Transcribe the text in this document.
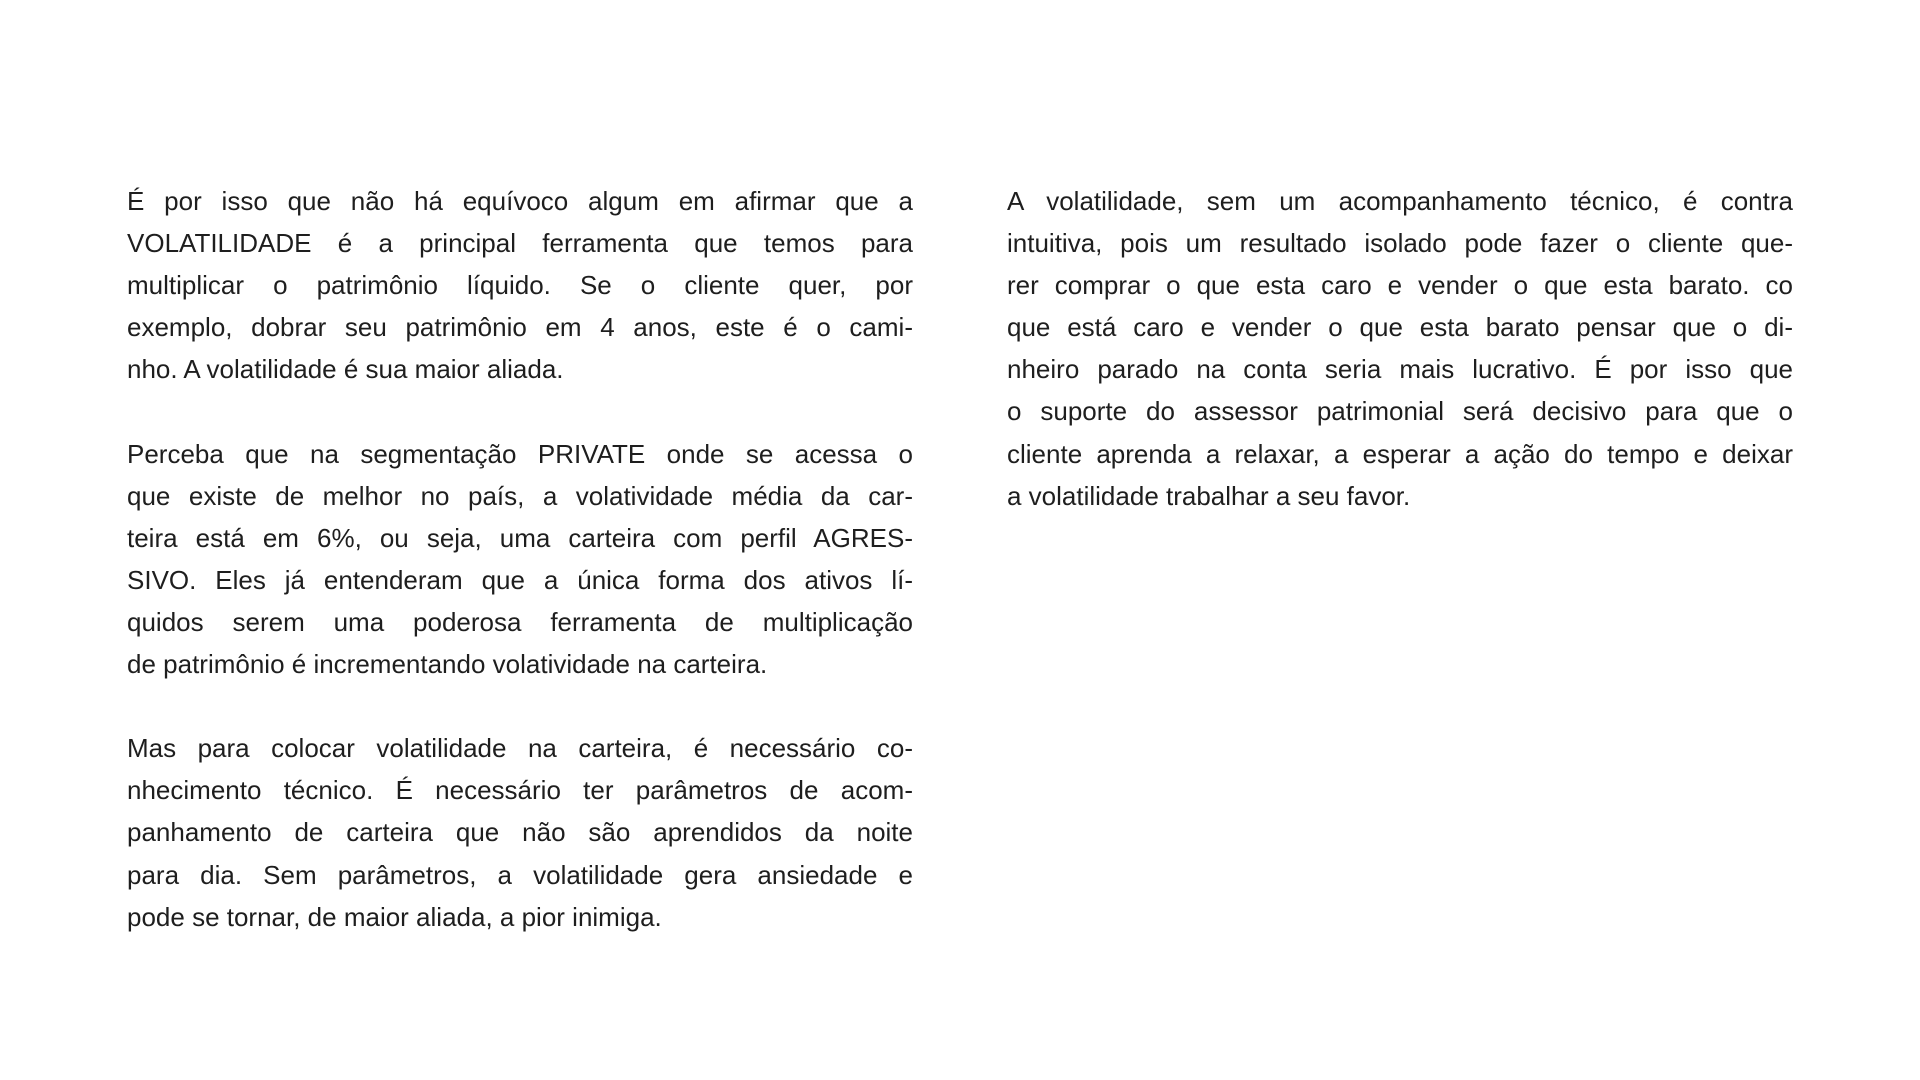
É por isso que não há equívoco algum em afirmar que a
VOLATILIDADE é a principal ferramenta que temos para
multiplicar o patrimônio líquido. Se o cliente quer, por
exemplo, dobrar seu patrimônio em 4 anos, este é o cami-
nho. A volatilidade é sua maior aliada.
Perceba que na segmentação PRIVATE onde se acessa o
que existe de melhor no país, a volatividade média da car-
teira está em 6%, ou seja, uma carteira com perfil AGRES-
SIVO. Eles já entenderam que a única forma dos ativos lí-
quidos serem uma poderosa ferramenta de multiplicação
de patrimônio é incrementando volatividade na carteira.
Mas para colocar volatilidade na carteira, é necessário co-
nhecimento técnico. É necessário ter parâmetros de acom-
panhamento de carteira que não são aprendidos da noite
para dia. Sem parâmetros, a volatilidade gera ansiedade e
pode se tornar, de maior aliada, a pior inimiga.
A volatilidade, sem um acompanhamento técnico, é contra
intuitiva, pois um resultado isolado pode fazer o cliente que-
rer comprar o que esta caro e vender o que esta barato. co
que está caro e vender o que esta barato pensar que o di-
nheiro parado na conta seria mais lucrativo. É por isso que
o suporte do assessor patrimonial será decisivo para que o
cliente aprenda a relaxar, a esperar a ação do tempo e deixar
a volatilidade trabalhar a seu favor.
